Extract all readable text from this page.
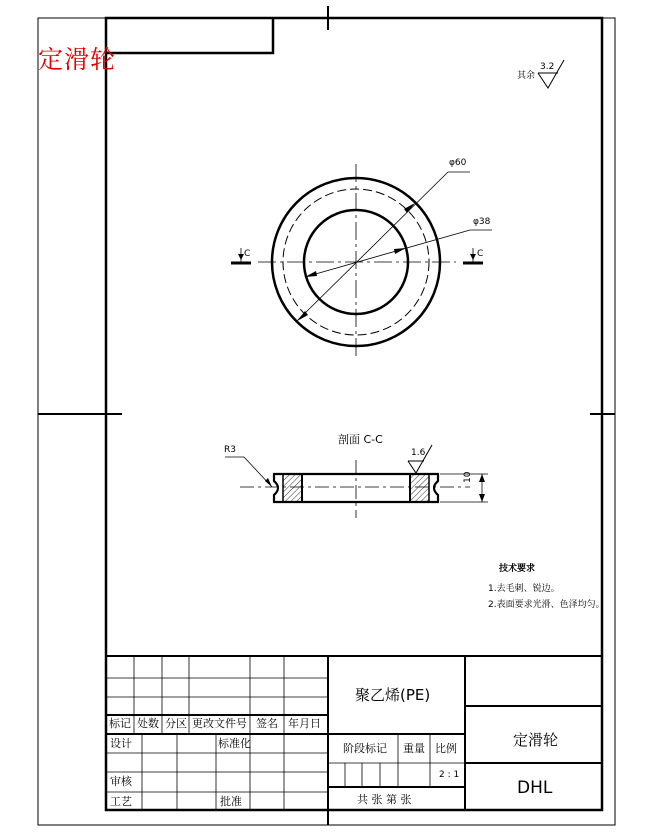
定滑轮
其余
3.2
φ60
φ38
C	C
剖面 C-C
R3	1.6
10
技术要求
1.去毛刺、锐边。
2.表面要求光滑、色泽均匀。
标记 处数 分区 更改文件号 签名 年月日
设计	标准化
审核
工艺	批准
聚乙烯(PE)
阶段标记 重量 比例
2 : 1
共 张 第 张
定滑轮
DHL
